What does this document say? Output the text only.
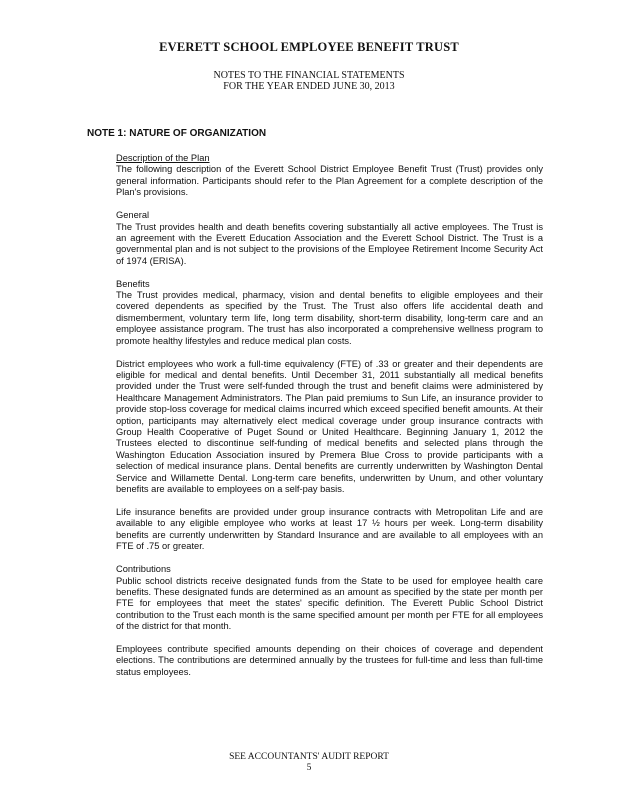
EVERETT SCHOOL EMPLOYEE BENEFIT TRUST
NOTES TO THE FINANCIAL STATEMENTS
FOR THE YEAR ENDED JUNE 30, 2013
NOTE 1: NATURE OF ORGANIZATION
Description of the Plan
The following description of the Everett School District Employee Benefit Trust (Trust) provides only general information. Participants should refer to the Plan Agreement for a complete description of the Plan's provisions.
General
The Trust provides health and death benefits covering substantially all active employees. The Trust is an agreement with the Everett Education Association and the Everett School District. The Trust is a governmental plan and is not subject to the provisions of the Employee Retirement Income Security Act of 1974 (ERISA).
Benefits
The Trust provides medical, pharmacy, vision and dental benefits to eligible employees and their covered dependents as specified by the Trust. The Trust also offers life accidental death and dismemberment, voluntary term life, long term disability, short-term disability, long-term care and an employee assistance program. The trust has also incorporated a comprehensive wellness program to promote healthy lifestyles and reduce medical plan costs.
District employees who work a full-time equivalency (FTE) of .33 or greater and their dependents are eligible for medical and dental benefits. Until December 31, 2011 substantially all medical benefits provided under the Trust were self-funded through the trust and benefit claims were administered by Healthcare Management Administrators. The Plan paid premiums to Sun Life, an insurance provider to provide stop-loss coverage for medical claims incurred which exceed specified benefit amounts. At their option, participants may alternatively elect medical coverage under group insurance contracts with Group Health Cooperative of Puget Sound or United Healthcare. Beginning January 1, 2012 the Trustees elected to discontinue self-funding of medical benefits and selected plans through the Washington Education Association insured by Premera Blue Cross to provide participants with a selection of medical insurance plans. Dental benefits are currently underwritten by Washington Dental Service and Willamette Dental. Long-term care benefits, underwritten by Unum, and other voluntary benefits are available to employees on a self-pay basis.
Life insurance benefits are provided under group insurance contracts with Metropolitan Life and are available to any eligible employee who works at least 17 ½ hours per week. Long-term disability benefits are currently underwritten by Standard Insurance and are available to all employees with an FTE of .75 or greater.
Contributions
Public school districts receive designated funds from the State to be used for employee health care benefits. These designated funds are determined as an amount as specified by the state per month per FTE for employees that meet the states' specific definition. The Everett Public School District contribution to the Trust each month is the same specified amount per month per FTE for all employees of the district for that month.
Employees contribute specified amounts depending on their choices of coverage and dependent elections. The contributions are determined annually by the trustees for full-time and less than full-time status employees.
SEE ACCOUNTANTS' AUDIT REPORT
5
